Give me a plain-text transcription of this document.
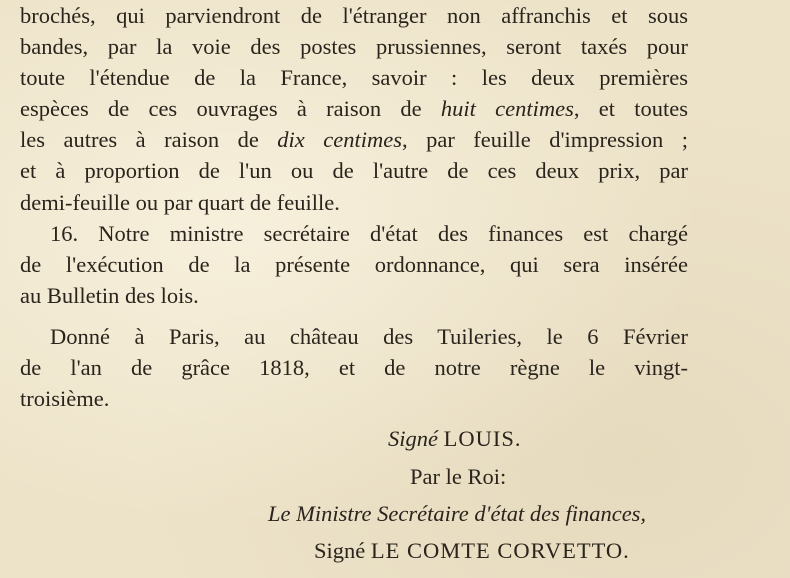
brochés, qui parviendront de l'étranger non affranchis et sous
bandes, par la voie des postes prussiennes, seront taxés pour
toute l'étendue de la France, savoir : les deux premières
espèces de ces ouvrages à raison de huit centimes, et toutes
les autres à raison de dix centimes, par feuille d'impression ;
et à proportion de l'un ou de l'autre de ces deux prix, par
demi-feuille ou par quart de feuille.
16. Notre ministre secrétaire d'état des finances est chargé
de l'exécution de la présente ordonnance, qui sera insérée
au Bulletin des lois.
Donné à Paris, au château des Tuileries, le 6 Février
de l'an de grâce 1818, et de notre règne le vingt-
troisième.
Signé LOUIS.
Par le Roi:
Le Ministre Secrétaire d'état des finances,
Signé LE COMTE CORVETTO.
